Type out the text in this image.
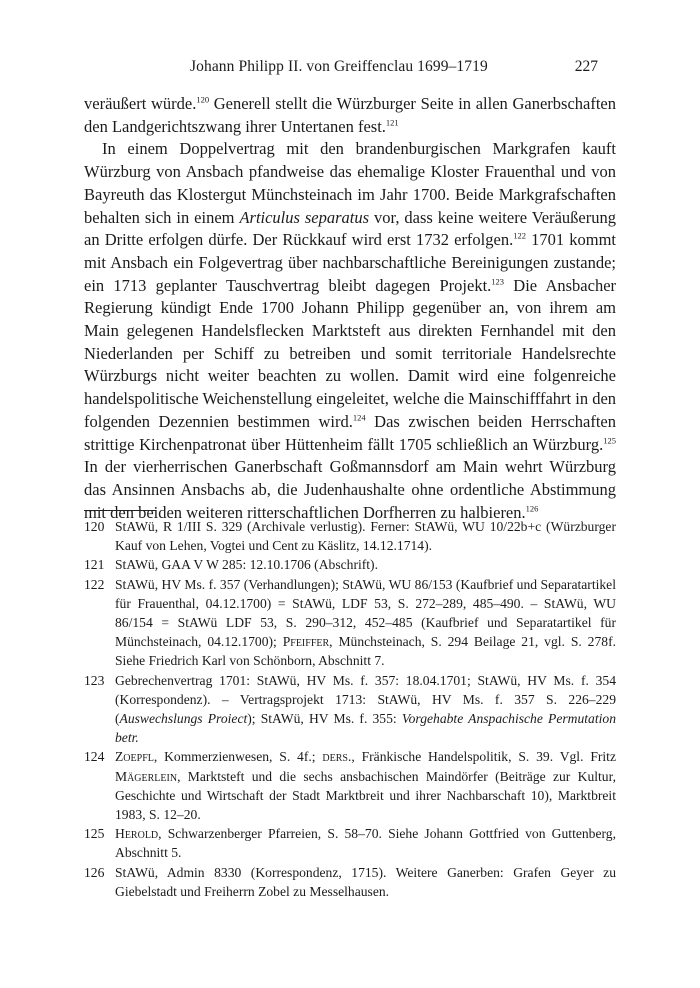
Johann Philipp II. von Greiffenclau 1699–1719	227

veräußert würde.$^{120}$ Generell stellt die Würzburger Seite in allen Ganerbschaften den Landgerichtszwang ihrer Untertanen fest.$^{121}$

In einem Doppelvertrag mit den brandenburgischen Markgrafen kauft Würzburg von Ansbach pfandweise das ehemalige Kloster Frauenthal und von Bayreuth das Klostergut Münchsteinach im Jahr 1700. Beide Markgrafschaften behalten sich in einem Articulus separatus vor, dass keine weitere Veräußerung an Dritte erfolgen dürfe. Der Rückkauf wird erst 1732 erfolgen.$^{122}$ 1701 kommt mit Ansbach ein Folgevertrag über nachbarschaftliche Bereinigungen zustande; ein 1713 geplanter Tauschvertrag bleibt dagegen Projekt.$^{123}$ Die Ansbacher Regierung kündigt Ende 1700 Johann Philipp gegenüber an, von ihrem am Main gelegenen Handelsflecken Marktsteft aus direkten Fernhandel mit den Niederlanden per Schiff zu betreiben und somit territoriale Handelsrechte Würzburgs nicht weiter beachten zu wollen. Damit wird eine folgenreiche handelspolitische Weichenstellung eingeleitet, welche die Mainschifffahrt in den folgenden Dezennien bestimmen wird.$^{124}$ Das zwischen beiden Herrschaften strittige Kirchenpatronat über Hüttenheim fällt 1705 schließlich an Würzburg.$^{125}$ In der vierherrischen Ganerbschaft Goßmannsdorf am Main wehrt Würzburg das Ansinnen Ansbachs ab, die Judenhaushalte ohne ordentliche Abstimmung mit den beiden weiteren ritterschaftlichen Dorfherren zu halbieren.$^{126}$

120 StAWü, R 1/III S. 329 (Archivale verlustig). Ferner: StAWü, WU 10/22b+c (Würzburger Kauf von Lehen, Vogtei und Cent zu Käslitz, 14.12.1714).

121 StAWü, GAA V W 285: 12.10.1706 (Abschrift).

122 StAWü, HV Ms. f. 357 (Verhandlungen); StAWü, WU 86/153 (Kaufbrief und Separatartikel für Frauenthal, 04.12.1700) = StAWü, LDF 53, S. 272–289, 485–490. – StAWü, WU 86/154 = StAWü LDF 53, S. 290–312, 452–485 (Kaufbrief und Separatartikel für Münchsteinach, 04.12.1700); Pfeiffer, Münchsteinach, S. 294 Beilage 21, vgl. S. 278f. Siehe Friedrich Karl von Schönborn, Abschnitt 7.

123 Gebrechenvertrag 1701: StAWü, HV Ms. f. 357: 18.04.1701; StAWü, HV Ms. f. 354 (Korrespondenz). – Vertragsprojekt 1713: StAWü, HV Ms. f. 357 S. 226–229 (Auswechslungs Proiect); StAWü, HV Ms. f. 355: Vorgehabte Anspachische Permutation betr.

124 Zoepfl, Kommerzienwesen, S. 4f.; ders., Fränkische Handelspolitik, S. 39. Vgl. Fritz Mägerlein, Marktsteft und die sechs ansbachischen Maindörfer (Beiträge zur Kultur, Geschichte und Wirtschaft der Stadt Marktbreit und ihrer Nachbarschaft 10), Marktbreit 1983, S. 12–20.

125 Herold, Schwarzenberger Pfarreien, S. 58–70. Siehe Johann Gottfried von Guttenberg, Abschnitt 5.

126 StAWü, Admin 8330 (Korrespondenz, 1715). Weitere Ganerben: Grafen Geyer zu Giebelstadt und Freiherrn Zobel zu Messelhausen.
